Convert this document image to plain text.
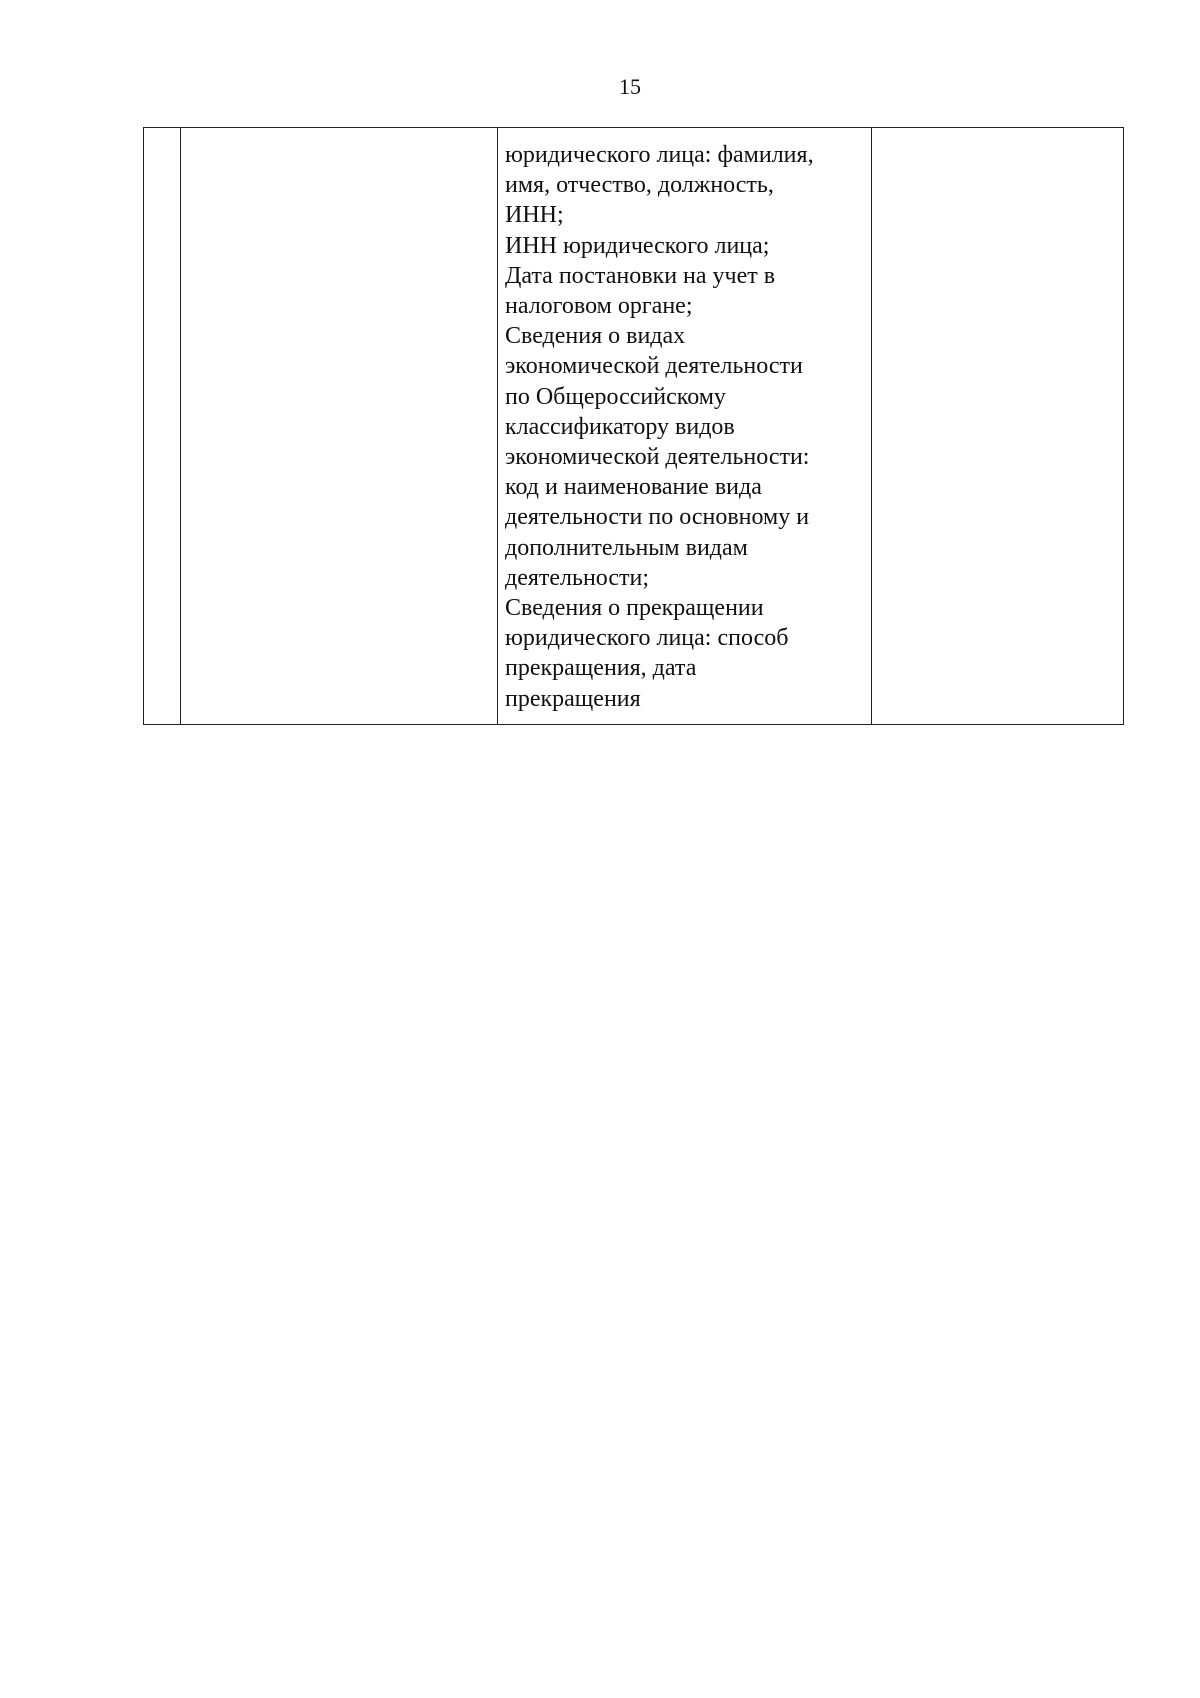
15

юридического лица: фамилия,
имя, отчество, должность,
ИНН;
ИНН юридического лица;
Дата постановки на учет в
налоговом органе;
Сведения о видах
экономической деятельности
по Общероссийскому
классификатору видов
экономической деятельности:
код и наименование вида
деятельности по основному и
дополнительным видам
деятельности;
Сведения о прекращении
юридического лица: способ
прекращения, дата
прекращения
